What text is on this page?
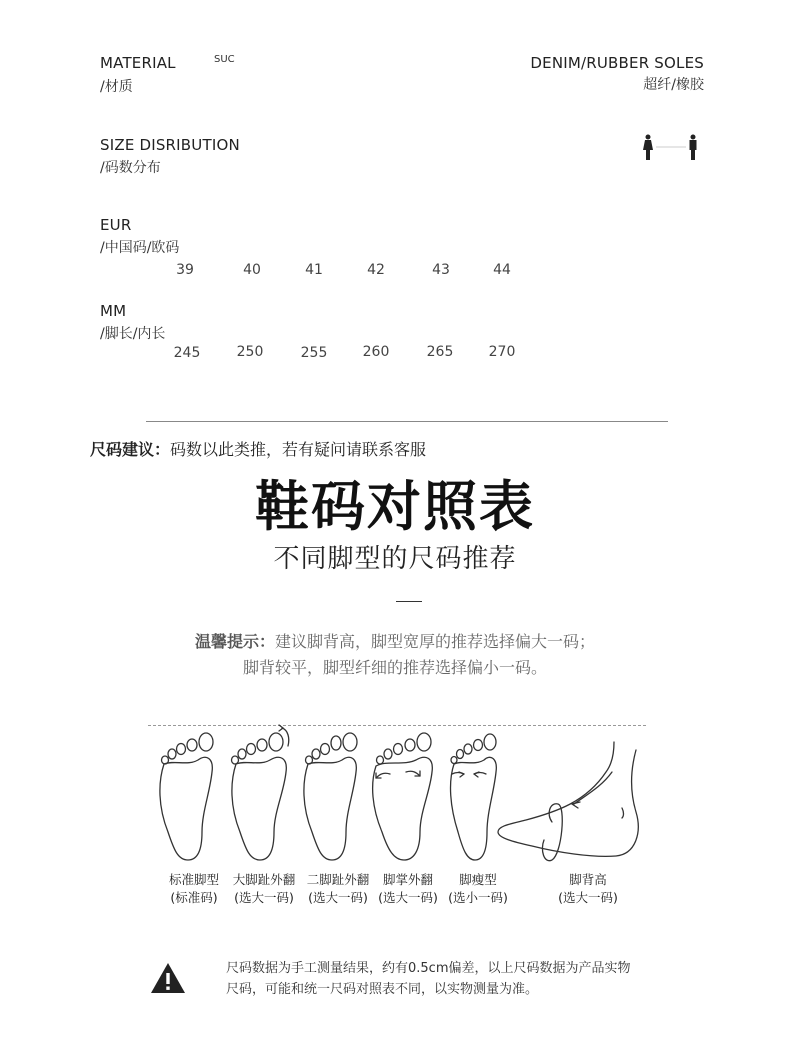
MATERIAL
/材质
SUC	DENIM/RUBBER SOLES
超纤/橡胶
SIZE DISRIBUTION
/码数分布
EUR
/中国码/欧码
39	40	41	42	43	44
MM
/脚长/内长
245	250	255	260	265	270
尺码建议：码数以此类推，若有疑问请联系客服
鞋码对照表
不同脚型的尺码推荐
温馨提示：建议脚背高，脚型宽厚的推荐选择偏大一码；
脚背较平，脚型纤细的推荐选择偏小一码。
标准脚型
(标准码)
大脚趾外翻
(选大一码)
二脚趾外翻
(选大一码)
脚掌外翻
(选大一码)
脚瘦型
(选小一码)
脚背高
(选大一码)
尺码数据为手工测量结果，约有0.5cm偏差，以上尺码数据为产品实物
尺码，可能和统一尺码对照表不同，以实物测量为准。
